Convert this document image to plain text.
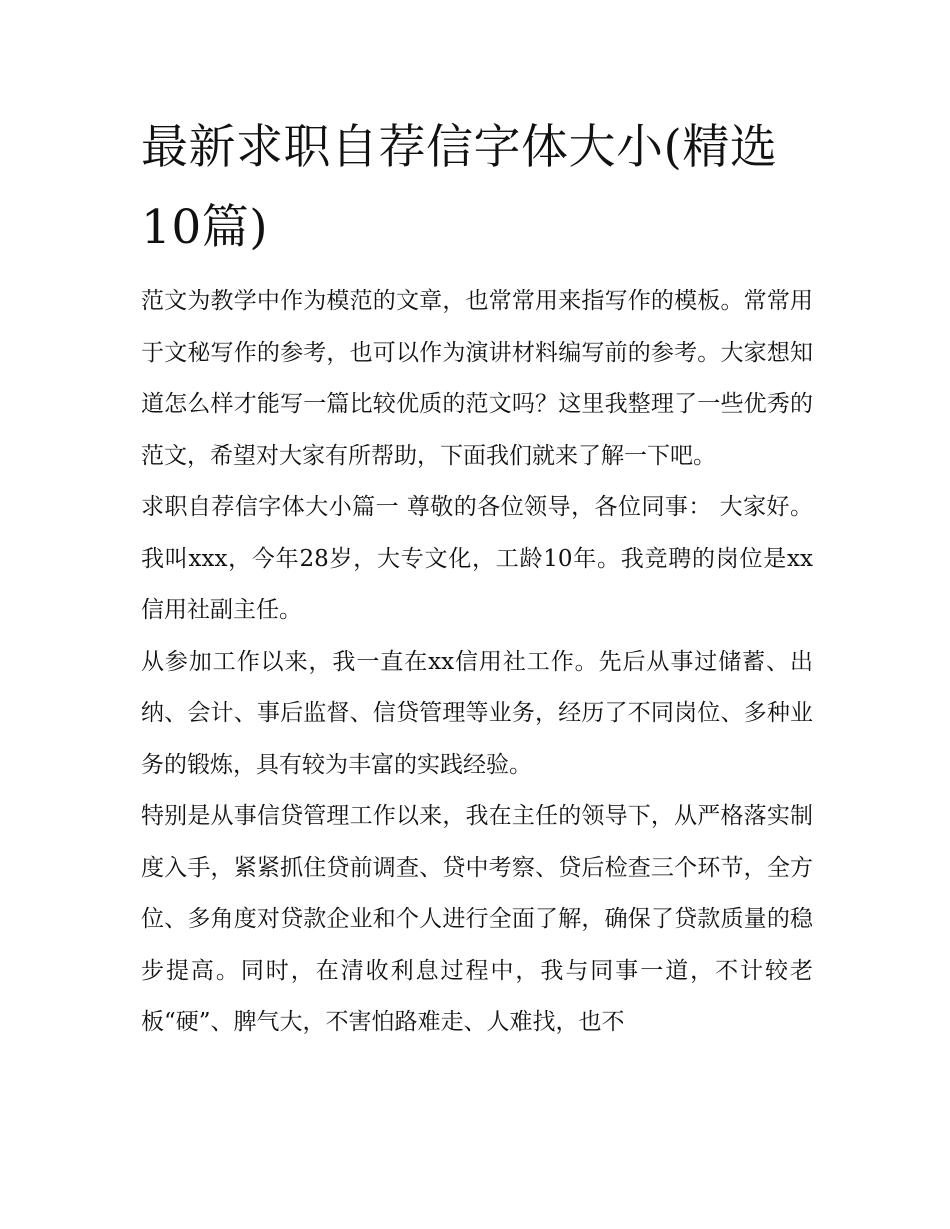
最新求职自荐信字体大小(精选10篇)

范文为教学中作为模范的文章，也常常用来指写作的模板。常常用于文秘写作的参考，也可以作为演讲材料编写前的参考。大家想知道怎么样才能写一篇比较优质的范文吗？这里我整理了一些优秀的范文，希望对大家有所帮助，下面我们就来了解一下吧。

求职自荐信字体大小篇一 尊敬的各位领导，各位同事： 大家好。 我叫xxx，今年28岁，大专文化，工龄10年。我竞聘的岗位是xx信用社副主任。

从参加工作以来，我一直在xx信用社工作。先后从事过储蓄、出纳、会计、事后监督、信贷管理等业务，经历了不同岗位、多种业务的锻炼，具有较为丰富的实践经验。

特别是从事信贷管理工作以来，我在主任的领导下，从严格落实制度入手，紧紧抓住贷前调查、贷中考察、贷后检查三个环节，全方位、多角度对贷款企业和个人进行全面了解，确保了贷款质量的稳步提高。同时，在清收利息过程中，我与同事一道，不计较老板“硬”、脾气大，不害怕路难走、人难找，也不
